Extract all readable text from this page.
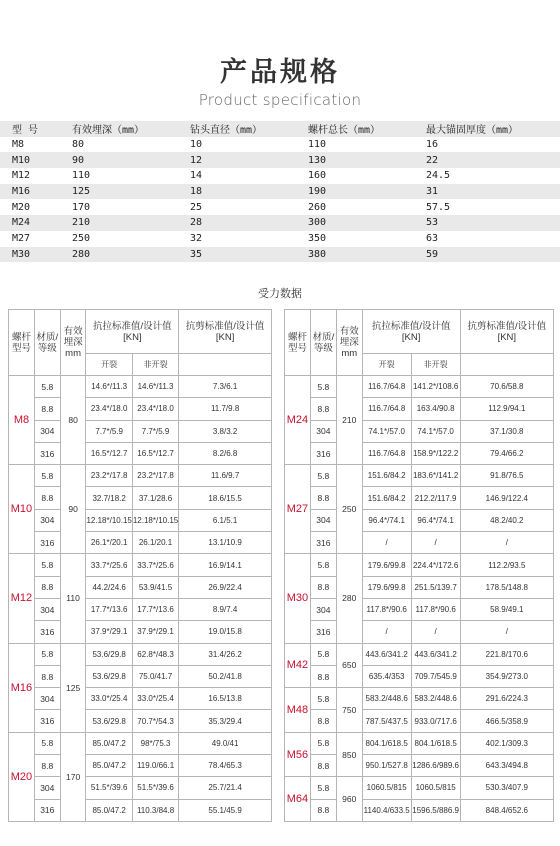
产品规格
Product specification
型 号	有效埋深（mm）	钻头直径（mm）	螺杆总长（mm）	最大锚固厚度（mm）
M8	80	10	110	16
M10	90	12	130	22
M12	110	14	160	24.5
M16	125	18	190	31
M20	170	25	260	57.5
M24	210	28	300	53
M27	250	32	350	63
M30	280	35	380	59
受力数据
螺杆型号	材质/等级	有效埋深mm	抗拉标准值/设计值[KN]		抗剪标准值/设计值[KN]
			开裂	非开裂	
M8	5.8	80	14.6*/11.3	14.6*/11.3	7.3/6.1
	8.8		23.4*/18.0	23.4*/18.0	11.7/9.8
	304		7.7*/5.9	7.7*/5.9	3.8/3.2
	316		16.5*/12.7	16.5*/12.7	8.2/6.8
M10	5.8	90	23.2*/17.8	23.2*/17.8	11.6/9.7
	8.8		32.7/18.2	37.1/28.6	18.6/15.5
	304		12.18*/10.15	12.18*/10.15	6.1/5.1
	316		26.1*/20.1	26.1/20.1	13.1/10.9
M12	5.8	110	33.7*/25.6	33.7*/25.6	16.9/14.1
	8.8		44.2/24.6	53.9/41.5	26.9/22.4
	304		17.7*/13.6	17.7*/13.6	8.9/7.4
	316		37.9*/29.1	37.9*/29.1	19.0/15.8
M16	5.8	125	53.6/29.8	62.8*/48.3	31.4/26.2
	8.8		53.6/29.8	75.0/41.7	50.2/41.8
	304		33.0*/25.4	33.0*/25.4	16.5/13.8
	316		53.6/29.8	70.7*/54.3	35.3/29.4
M20	5.8	170	85.0/47.2	98*/75.3	49.0/41
	8.8		85.0/47.2	119.0/66.1	78.4/65.3
	304		51.5*/39.6	51.5*/39.6	25.7/21.4
	316		85.0/47.2	110.3/84.8	55.1/45.9
螺杆型号	材质/等级	有效埋深mm	抗拉标准值/设计值[KN]		抗剪标准值/设计值[KN]
			开裂	非开裂	
M24	5.8	210	116.7/64.8	141.2*/108.6	70.6/58.8
	8.8		116.7/64.8	163.4/90.8	112.9/94.1
	304		74.1*/57.0	74.1*/57.0	37.1/30.8
	316		116.7/64.8	158.9*/122.2	79.4/66.2
M27	5.8	250	151.6/84.2	183.6*/141.2	91.8/76.5
	8.8		151.6/84.2	212.2/117.9	146.9/122.4
	304		96.4*/74.1	96.4*/74.1	48.2/40.2
	316		/	/	/
M30	5.8	280	179.6/99.8	224.4*/172.6	112.2/93.5
	8.8		179.6/99.8	251.5/139.7	178.5/148.8
	304		117.8*/90.6	117.8*/90.6	58.9/49.1
	316		/	/	/
M42	5.8	650	443.6/341.2	443.6/341.2	221.8/170.6
	8.8		635.4/353	709.7/545.9	354.9/273.0
M48	5.8	750	583.2/448.6	583.2/448.6	291.6/224.3
	8.8		787.5/437.5	933.0/717.6	466.5/358.9
M56	5.8	850	804.1/618.5	804.1/618.5	402.1/309.3
	8.8		950.1/527.8	1286.6/989.6	643.3/494.8
M64	5.8	960	1060.5/815	1060.5/815	530.3/407.9
	8.8		1140.4/633.5	1596.5/886.9	848.4/652.6
